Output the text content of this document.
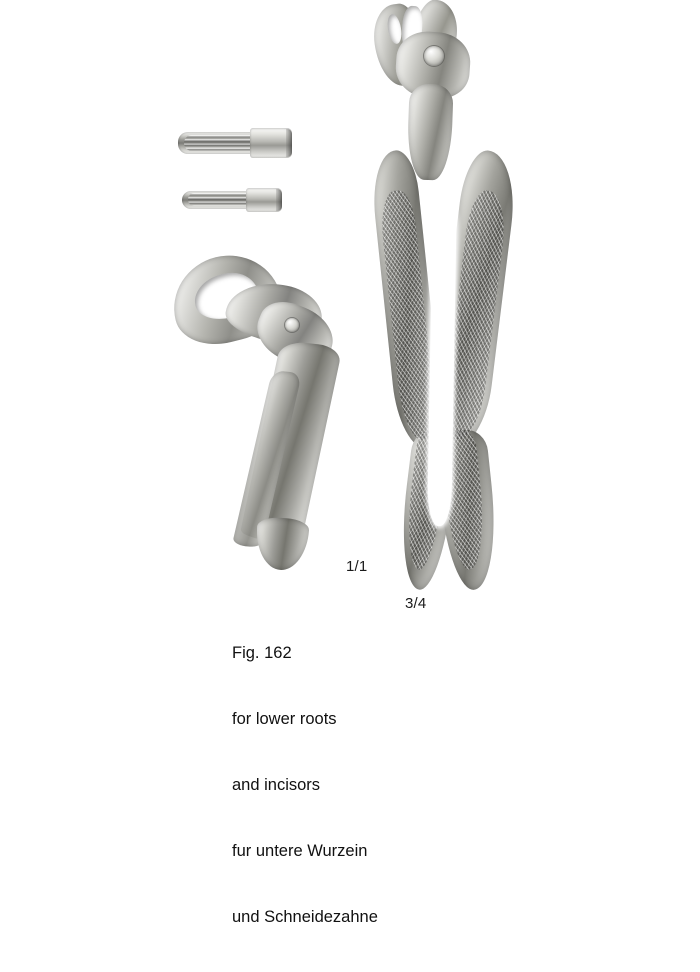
1/1
3/4

Fig. 162

for lower roots

and incisors

fur untere Wurzein

und Schneidezahne
